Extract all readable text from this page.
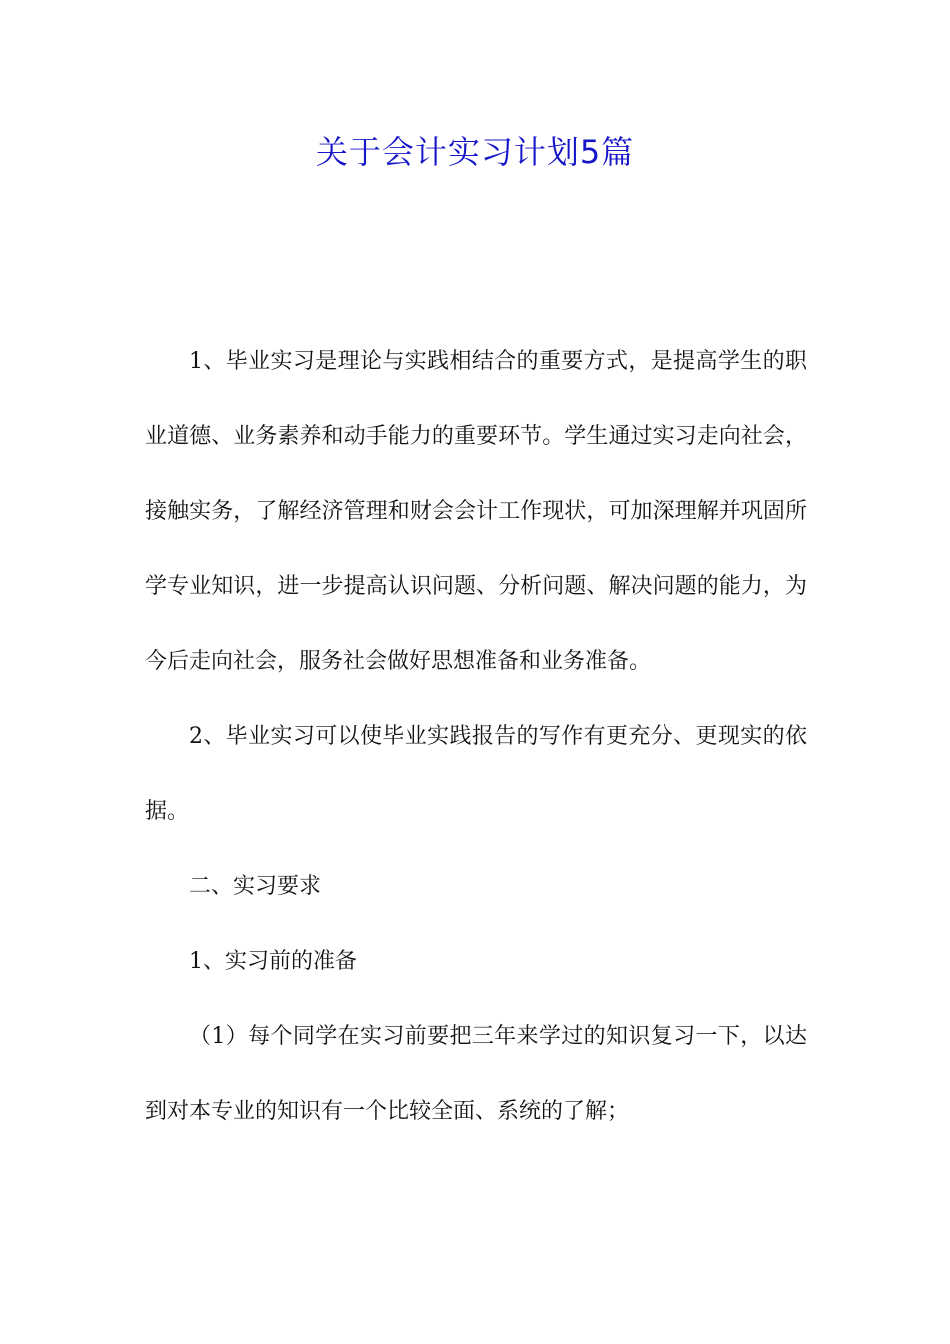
关于会计实习计划5篇

1、毕业实习是理论与实践相结合的重要方式，是提高学生的职业道德、业务素养和动手能力的重要环节。学生通过实习走向社会，接触实务，了解经济管理和财会会计工作现状，可加深理解并巩固所学专业知识，进一步提高认识问题、分析问题、解决问题的能力，为今后走向社会，服务社会做好思想准备和业务准备。

2、毕业实习可以使毕业实践报告的写作有更充分、更现实的依据。

二、实习要求

1、实习前的准备

（1）每个同学在实习前要把三年来学过的知识复习一下，以达到对本专业的知识有一个比较全面、系统的了解；
